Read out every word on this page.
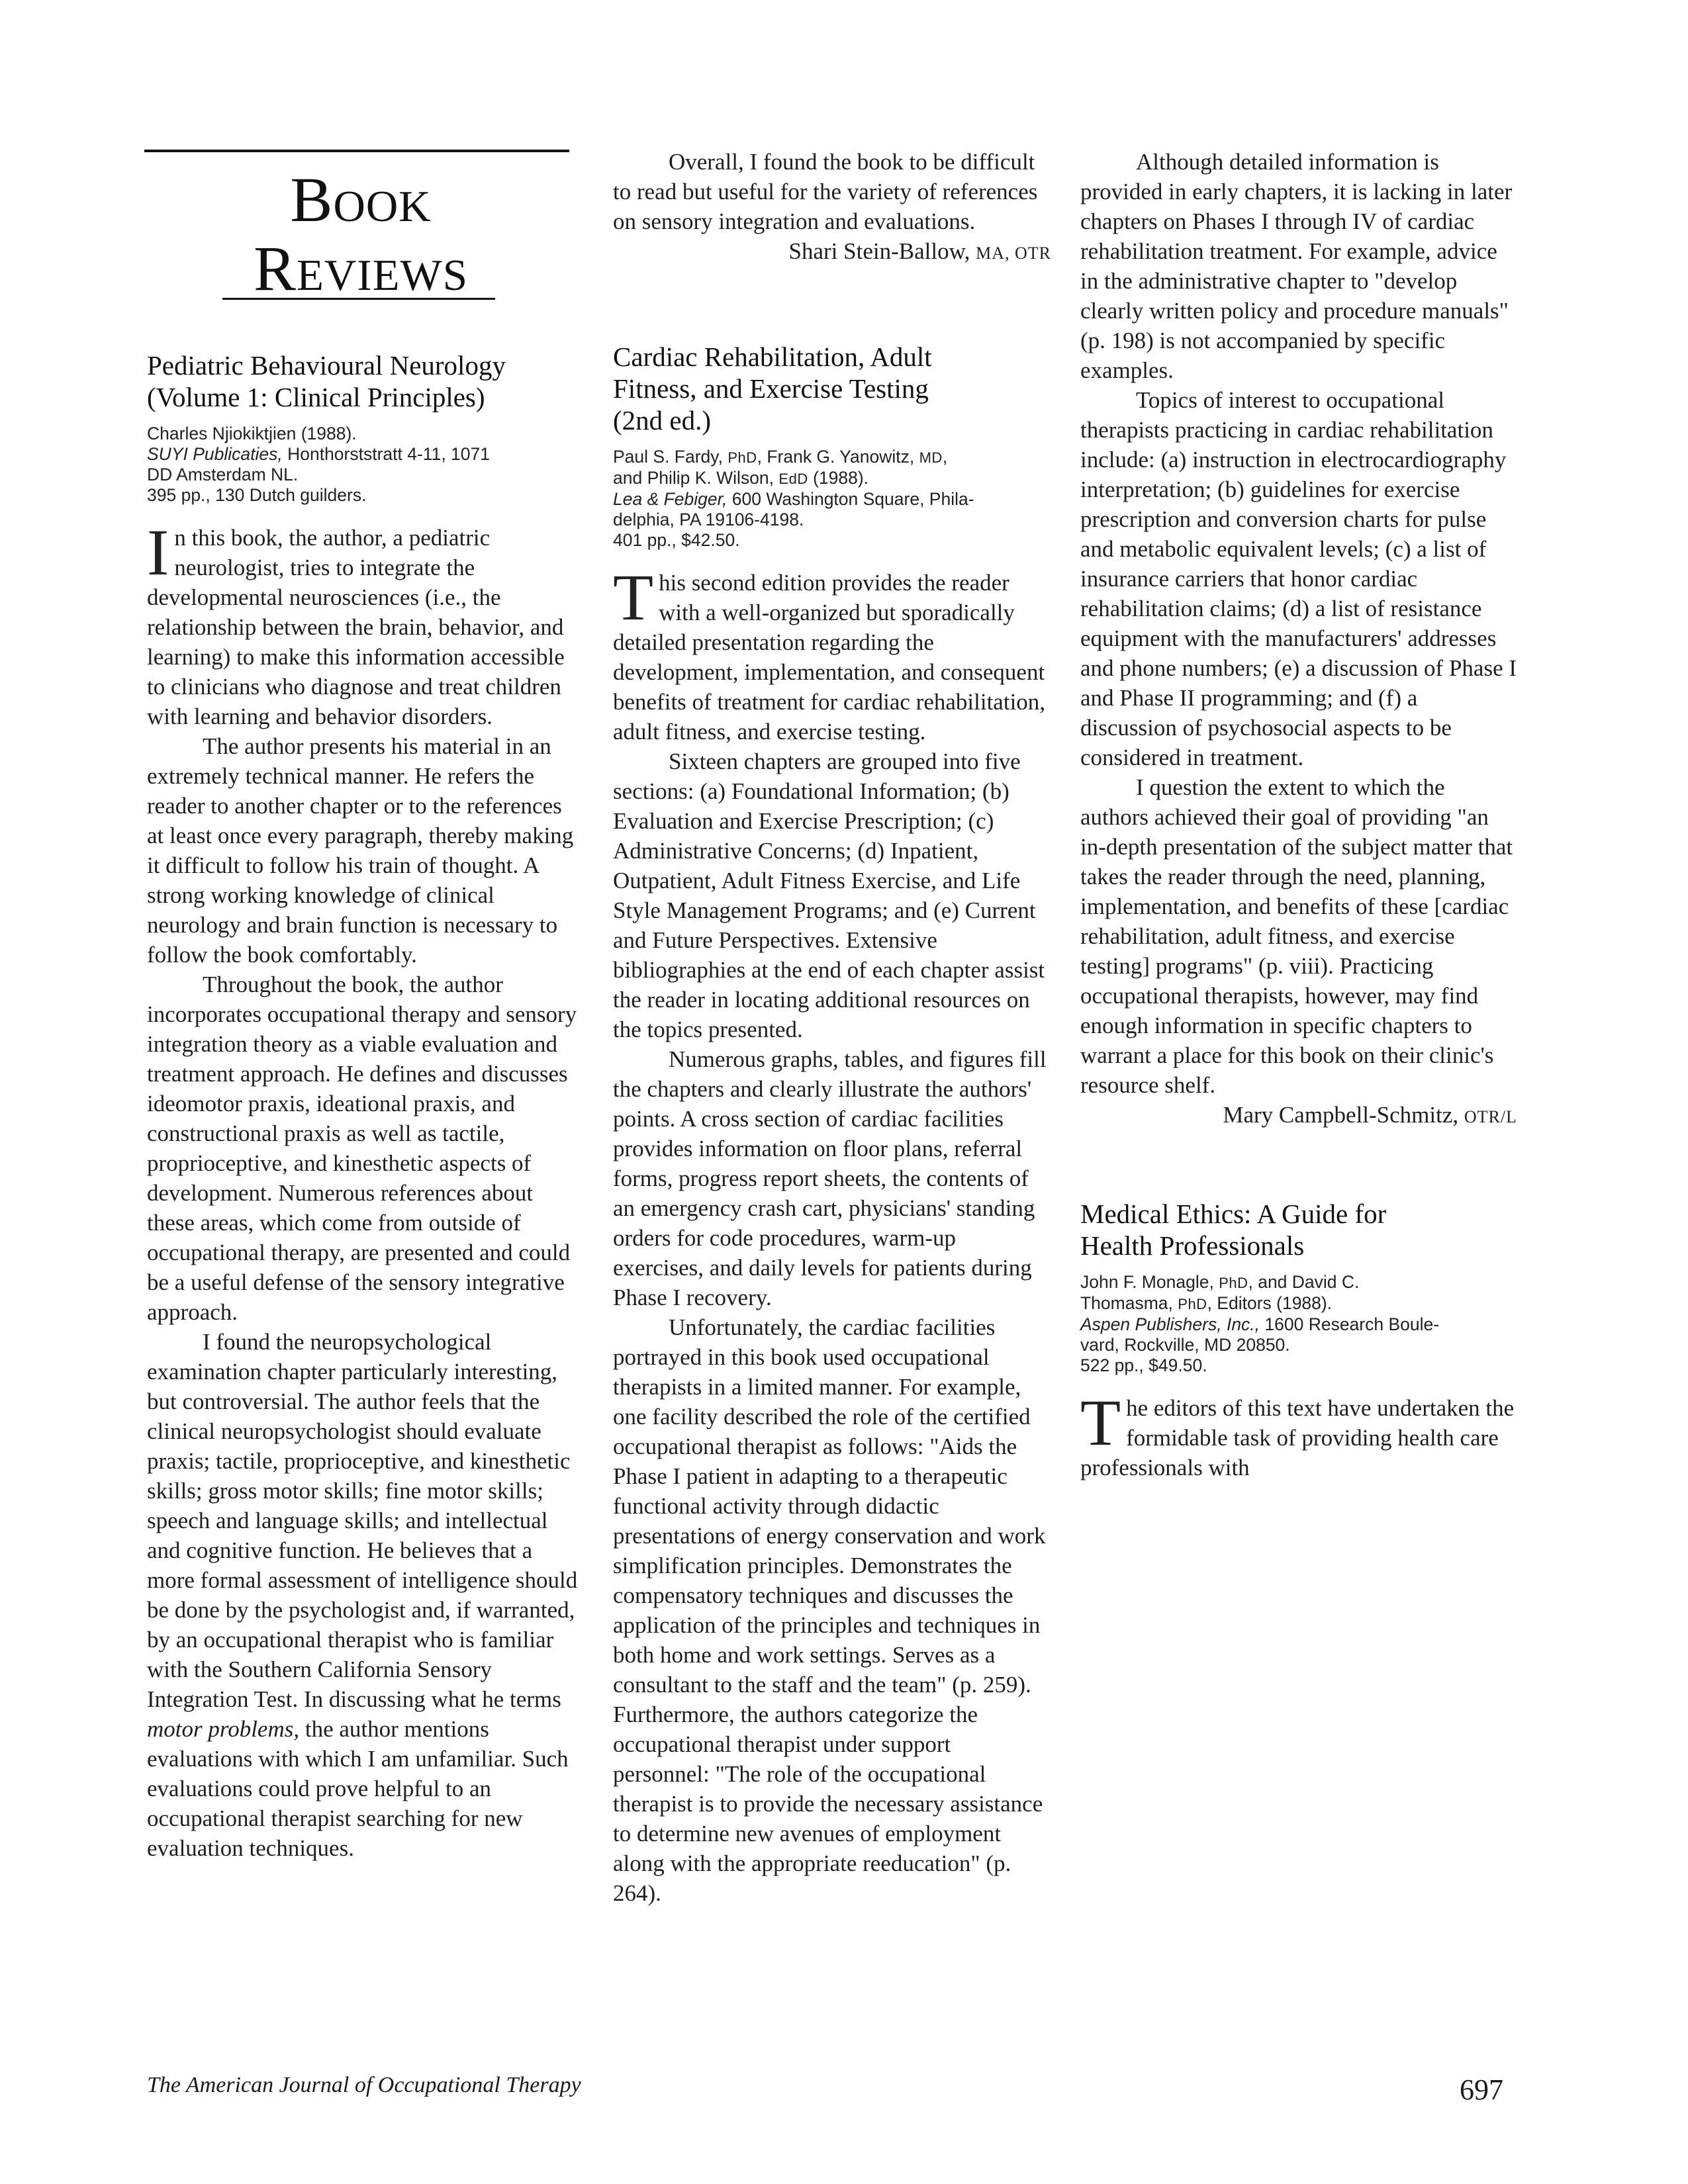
Book
Reviews
Pediatric Behavioural Neurology
(Volume 1: Clinical Principles)
Charles Njiokiktjien (1988).
SUYI Publicaties, Honthorststratt 4-11, 1071
DD Amsterdam NL.
395 pp., 130 Dutch guilders.

In this book, the author, a pediatric neurologist, tries to integrate the developmental neurosciences (i.e., the relationship between the brain, behavior, and learning) to make this information accessible to clinicians who diagnose and treat children with learning and behavior disorders.

The author presents his material in an extremely technical manner. He refers the reader to another chapter or to the references at least once every paragraph, thereby making it difficult to follow his train of thought. A strong working knowledge of clinical neurology and brain function is necessary to follow the book comfortably.

Throughout the book, the author incorporates occupational therapy and sensory integration theory as a viable evaluation and treatment approach. He defines and discusses ideomotor praxis, ideational praxis, and constructional praxis as well as tactile, proprioceptive, and kinesthetic aspects of development. Numerous references about these areas, which come from outside of occupational therapy, are presented and could be a useful defense of the sensory integrative approach.

I found the neuropsychological examination chapter particularly interesting, but controversial. The author feels that the clinical neuropsychologist should evaluate praxis; tactile, proprioceptive, and kinesthetic skills; gross motor skills; fine motor skills; speech and language skills; and intellectual and cognitive function. He believes that a more formal assessment of intelligence should be done by the psychologist and, if warranted, by an occupational therapist who is familiar with the Southern California Sensory Integration Test. In discussing what he terms motor problems, the author mentions evaluations with which I am unfamiliar. Such evaluations could prove helpful to an occupational therapist searching for new evaluation techniques.

Overall, I found the book to be difficult to read but useful for the variety of references on sensory integration and evaluations.

Shari Stein-Ballow, MA, OTR

Cardiac Rehabilitation, Adult
Fitness, and Exercise Testing
(2nd ed.)
Paul S. Fardy, PhD, Frank G. Yanowitz, MD,
and Philip K. Wilson, EdD (1988).
Lea & Febiger, 600 Washington Square, Phila-
delphia, PA 19106-4198.
401 pp., $42.50.

This second edition provides the reader with a well-organized but sporadically detailed presentation regarding the development, implementation, and consequent benefits of treatment for cardiac rehabilitation, adult fitness, and exercise testing.

Sixteen chapters are grouped into five sections: (a) Foundational Information; (b) Evaluation and Exercise Prescription; (c) Administrative Concerns; (d) Inpatient, Outpatient, Adult Fitness Exercise, and Life Style Management Programs; and (e) Current and Future Perspectives. Extensive bibliographies at the end of each chapter assist the reader in locating additional resources on the topics presented.

Numerous graphs, tables, and figures fill the chapters and clearly illustrate the authors' points. A cross section of cardiac facilities provides information on floor plans, referral forms, progress report sheets, the contents of an emergency crash cart, physicians' standing orders for code procedures, warm-up exercises, and daily levels for patients during Phase I recovery.

Unfortunately, the cardiac facilities portrayed in this book used occupational therapists in a limited manner. For example, one facility described the role of the certified occupational therapist as follows: "Aids the Phase I patient in adapting to a therapeutic functional activity through didactic presentations of energy conservation and work simplification principles. Demonstrates the compensatory techniques and discusses the application of the principles and techniques in both home and work settings. Serves as a consultant to the staff and the team" (p. 259). Furthermore, the authors categorize the occupational therapist under support personnel: "The role of the occupational therapist is to provide the necessary assistance to determine new avenues of employment along with the appropriate reeducation" (p. 264).

Although detailed information is provided in early chapters, it is lacking in later chapters on Phases I through IV of cardiac rehabilitation treatment. For example, advice in the administrative chapter to "develop clearly written policy and procedure manuals" (p. 198) is not accompanied by specific examples.

Topics of interest to occupational therapists practicing in cardiac rehabilitation include: (a) instruction in electrocardiography interpretation; (b) guidelines for exercise prescription and conversion charts for pulse and metabolic equivalent levels; (c) a list of insurance carriers that honor cardiac rehabilitation claims; (d) a list of resistance equipment with the manufacturers' addresses and phone numbers; (e) a discussion of Phase I and Phase II programming; and (f) a discussion of psychosocial aspects to be considered in treatment.

I question the extent to which the authors achieved their goal of providing "an in-depth presentation of the subject matter that takes the reader through the need, planning, implementation, and benefits of these [cardiac rehabilitation, adult fitness, and exercise testing] programs" (p. viii). Practicing occupational therapists, however, may find enough information in specific chapters to warrant a place for this book on their clinic's resource shelf.

Mary Campbell-Schmitz, OTR/L

Medical Ethics: A Guide for
Health Professionals
John F. Monagle, PhD, and David C.
Thomasma, PhD, Editors (1988).
Aspen Publishers, Inc., 1600 Research Boule-
vard, Rockville, MD 20850.
522 pp., $49.50.

The editors of this text have undertaken the formidable task of providing health care professionals with

The American Journal of Occupational Therapy	697
